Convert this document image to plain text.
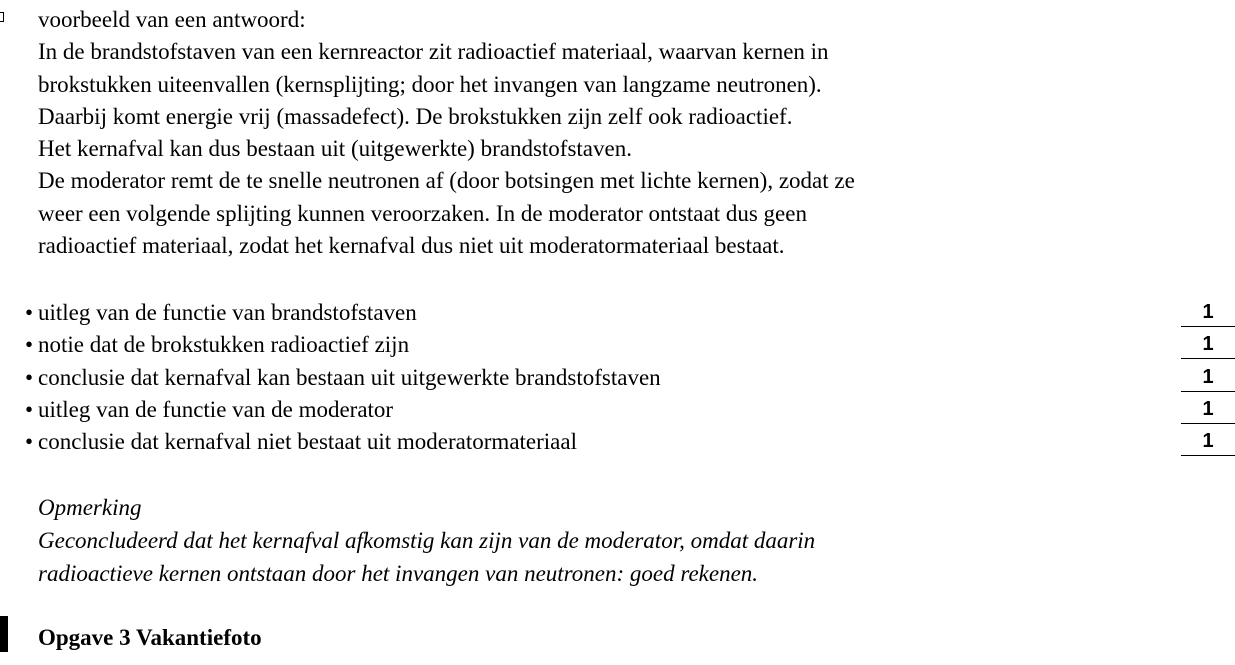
voorbeeld van een antwoord:
In de brandstofstaven van een kernreactor zit radioactief materiaal, waarvan kernen in
brokstukken uiteenvallen (kernsplijting; door het invangen van langzame neutronen).
Daarbij komt energie vrij (massadefect). De brokstukken zijn zelf ook radioactief.
Het kernafval kan dus bestaan uit (uitgewerkte) brandstofstaven.
De moderator remt de te snelle neutronen af (door botsingen met lichte kernen), zodat ze
weer een volgende splijting kunnen veroorzaken. In de moderator ontstaat dus geen
radioactief materiaal, zodat het kernafval dus niet uit moderatormateriaal bestaat.
• uitleg van de functie van brandstofstaven	1
• notie dat de brokstukken radioactief zijn	1
• conclusie dat kernafval kan bestaan uit uitgewerkte brandstofstaven	1
• uitleg van de functie van de moderator	1
• conclusie dat kernafval niet bestaat uit moderatormateriaal	1
Opmerking
Geconcludeerd dat het kernafval afkomstig kan zijn van de moderator, omdat daarin
radioactieve kernen ontstaan door het invangen van neutronen: goed rekenen.
Opgave 3 Vakantiefoto
